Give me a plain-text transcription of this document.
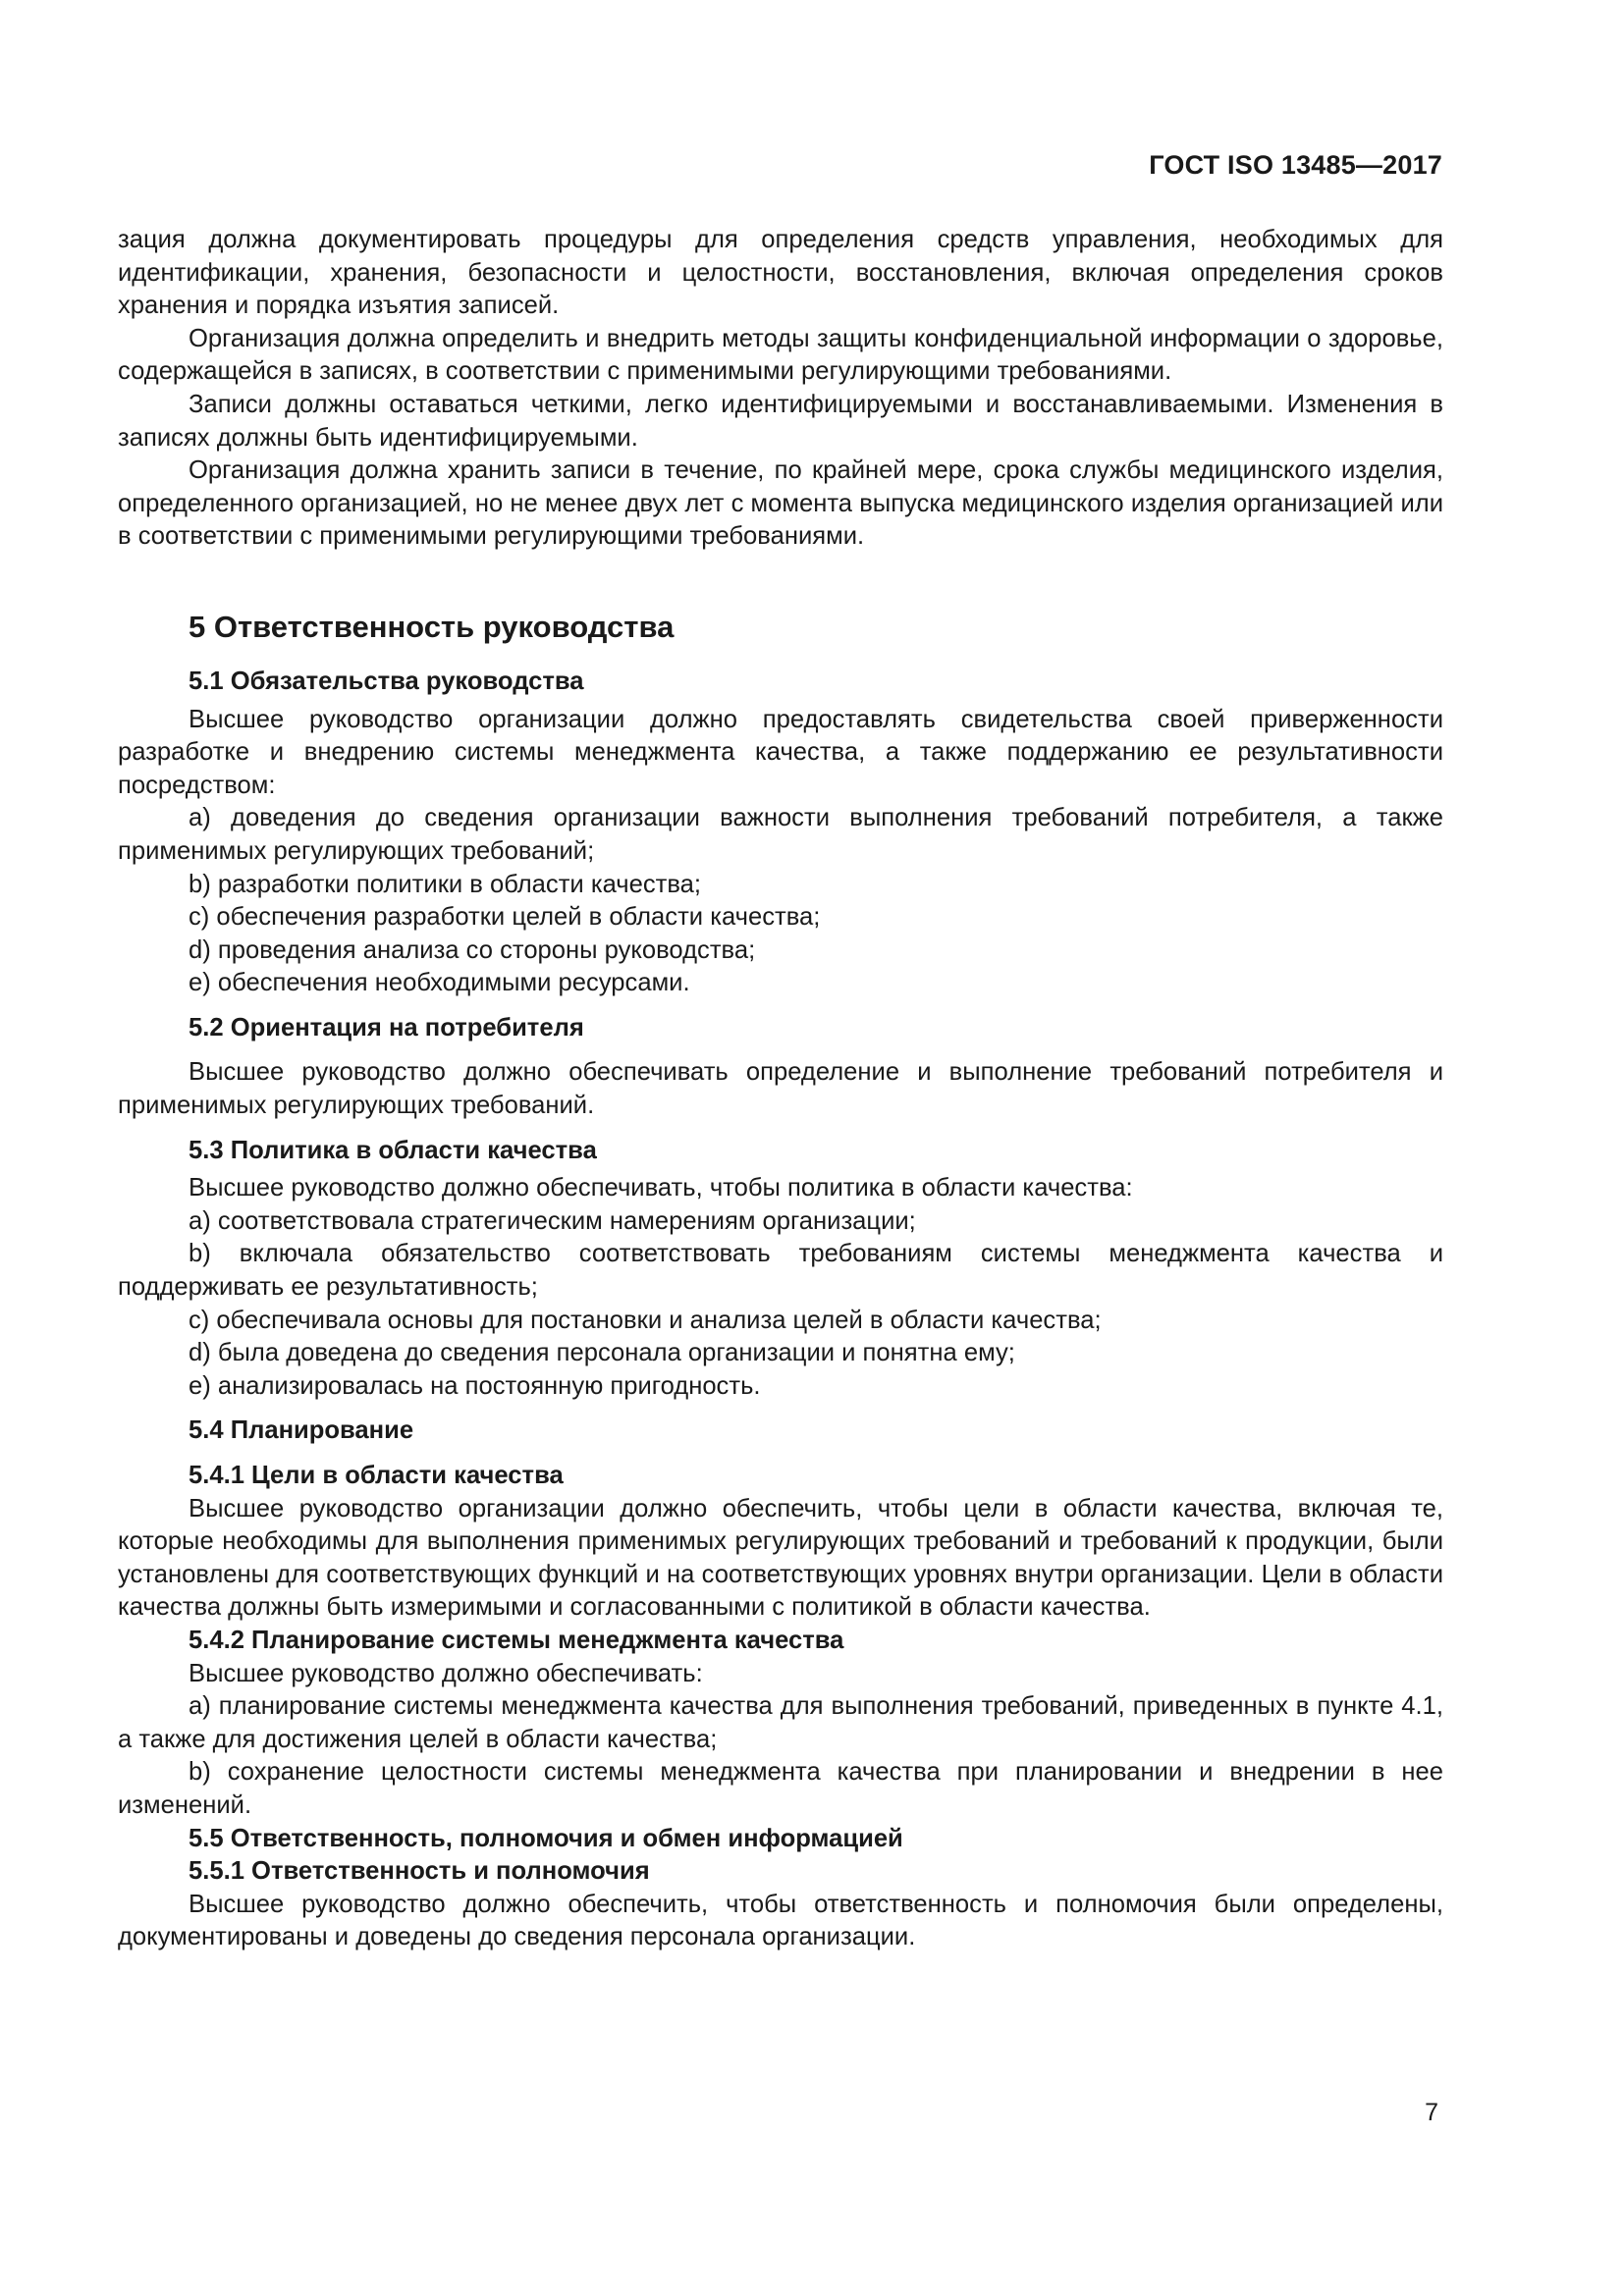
ГОСТ ISO 13485—2017

зация должна документировать процедуры для определения средств управления, необходимых для идентификации, хранения, безопасности и целостности, восстановления, включая определения сроков хранения и порядка изъятия записей.

Организация должна определить и внедрить методы защиты конфиденциальной информации о здоровье, содержащейся в записях, в соответствии с применимыми регулирующими требованиями.

Записи должны оставаться четкими, легко идентифицируемыми и восстанавливаемыми. Изменения в записях должны быть идентифицируемыми.

Организация должна хранить записи в течение, по крайней мере, срока службы медицинского изделия, определенного организацией, но не менее двух лет с момента выпуска медицинского изделия организацией или в соответствии с применимыми регулирующими требованиями.

5 Ответственность руководства
5.1 Обязательства руководства

Высшее руководство организации должно предоставлять свидетельства своей приверженности разработке и внедрению системы менеджмента качества, а также поддержанию ее результативности посредством:

a) доведения до сведения организации важности выполнения требований потребителя, а также применимых регулирующих требований;

b) разработки политики в области качества;

c) обеспечения разработки целей в области качества;

d) проведения анализа со стороны руководства;

e) обеспечения необходимыми ресурсами.

5.2 Ориентация на потребителя

Высшее руководство должно обеспечивать определение и выполнение требований потребителя и применимых регулирующих требований.

5.3 Политика в области качества

Высшее руководство должно обеспечивать, чтобы политика в области качества:

a) соответствовала стратегическим намерениям организации;

b) включала обязательство соответствовать требованиям системы менеджмента качества и поддерживать ее результативность;

c) обеспечивала основы для постановки и анализа целей в области качества;

d) была доведена до сведения персонала организации и понятна ему;

e) анализировалась на постоянную пригодность.

5.4 Планирование
5.4.1 Цели в области качества

Высшее руководство организации должно обеспечить, чтобы цели в области качества, включая те, которые необходимы для выполнения применимых регулирующих требований и требований к продукции, были установлены для соответствующих функций и на соответствующих уровнях внутри организации. Цели в области качества должны быть измеримыми и согласованными с политикой в области качества.

5.4.2 Планирование системы менеджмента качества

Высшее руководство должно обеспечивать:

a) планирование системы менеджмента качества для выполнения требований, приведенных в пункте 4.1, а также для достижения целей в области качества;

b) сохранение целостности системы менеджмента качества при планировании и внедрении в нее изменений.

5.5 Ответственность, полномочия и обмен информацией
5.5.1 Ответственность и полномочия

Высшее руководство должно обеспечить, чтобы ответственность и полномочия были определены, документированы и доведены до сведения персонала организации.

7
